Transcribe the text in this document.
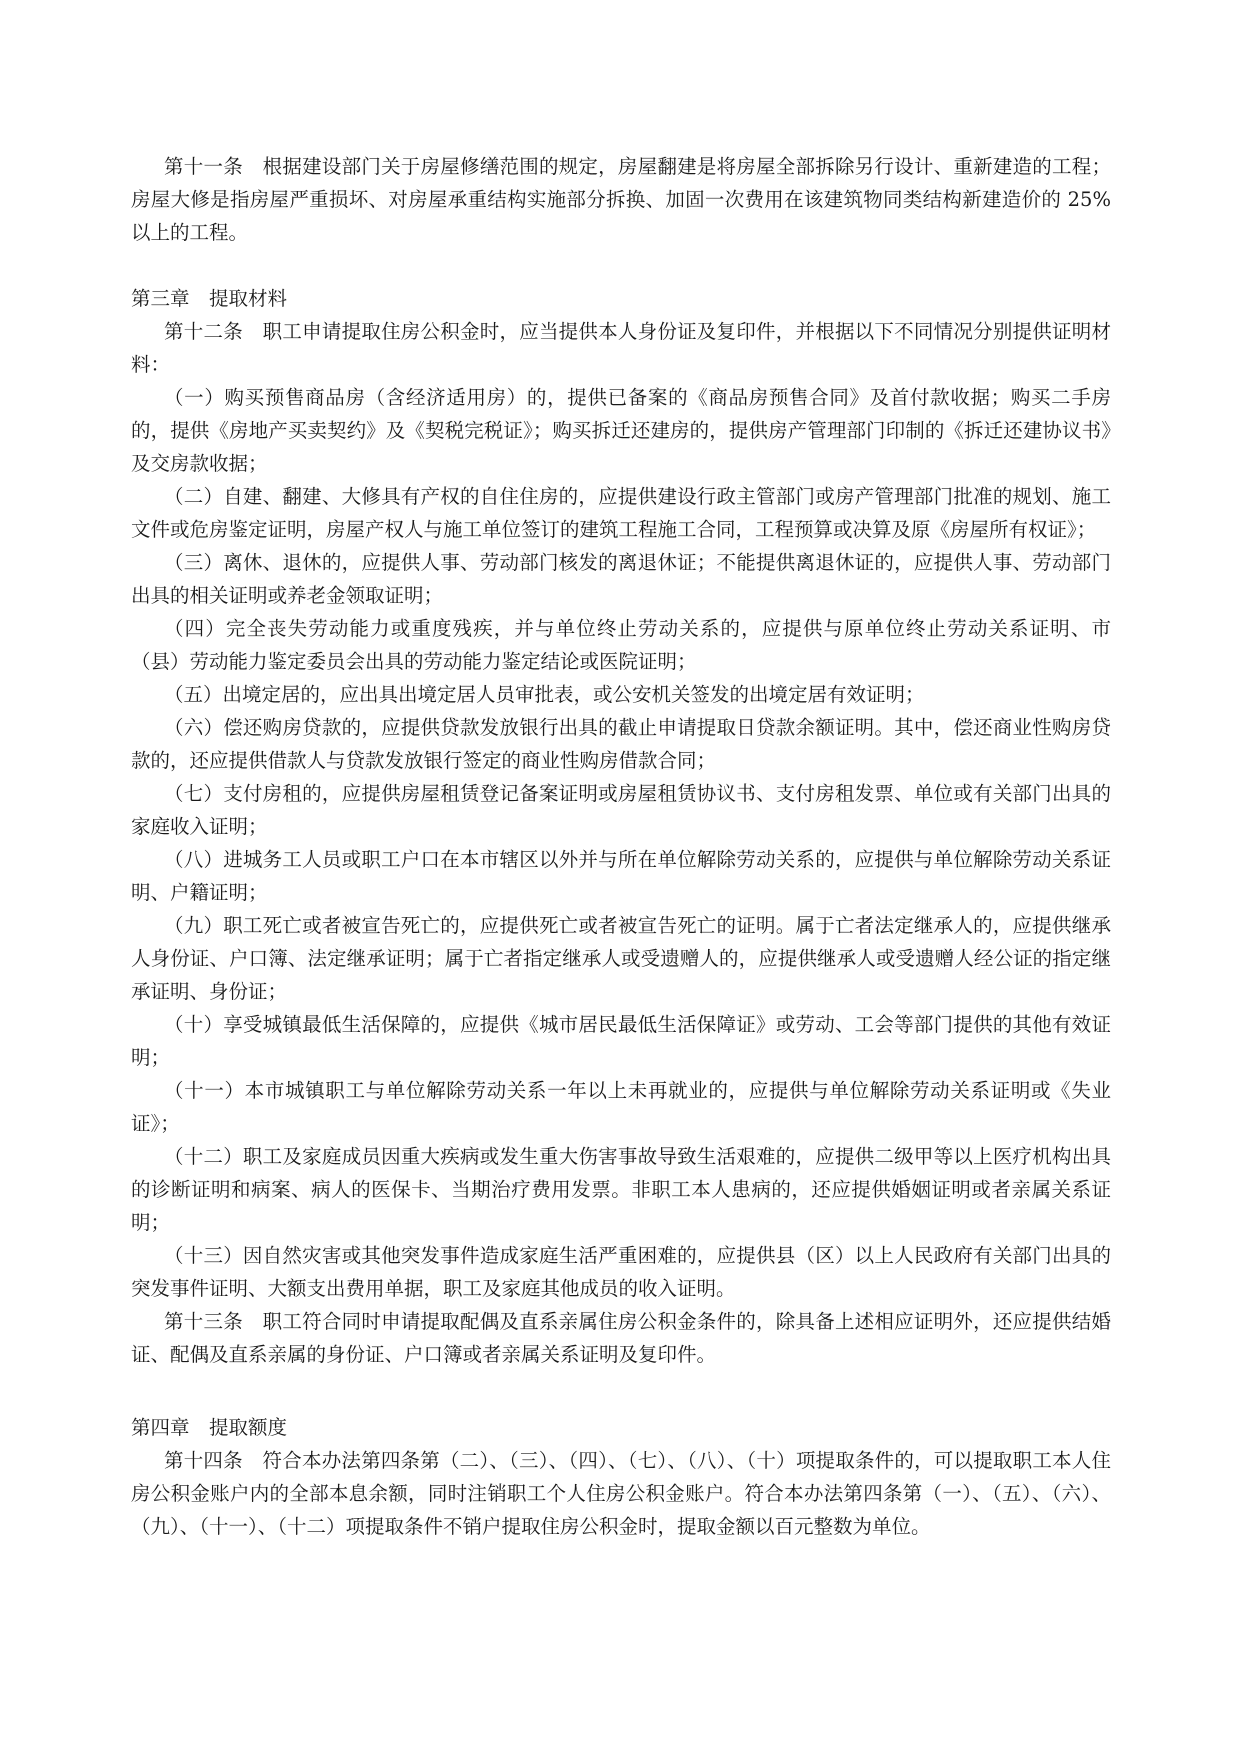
第十一条　根据建设部门关于房屋修缮范围的规定，房屋翻建是将房屋全部拆除另行设计、重新建造的工程；房屋大修是指房屋严重损坏、对房屋承重结构实施部分拆换、加固一次费用在该建筑物同类结构新建造价的 25%以上的工程。

第三章　提取材料

第十二条　职工申请提取住房公积金时，应当提供本人身份证及复印件，并根据以下不同情况分别提供证明材料：

（一）购买预售商品房（含经济适用房）的，提供已备案的《商品房预售合同》及首付款收据；购买二手房的，提供《房地产买卖契约》及《契税完税证》；购买拆迁还建房的，提供房产管理部门印制的《拆迁还建协议书》及交房款收据；

（二）自建、翻建、大修具有产权的自住住房的，应提供建设行政主管部门或房产管理部门批准的规划、施工文件或危房鉴定证明，房屋产权人与施工单位签订的建筑工程施工合同，工程预算或决算及原《房屋所有权证》；

（三）离休、退休的，应提供人事、劳动部门核发的离退休证；不能提供离退休证的，应提供人事、劳动部门出具的相关证明或养老金领取证明；

（四）完全丧失劳动能力或重度残疾，并与单位终止劳动关系的，应提供与原单位终止劳动关系证明、市　　（县）劳动能力鉴定委员会出具的劳动能力鉴定结论或医院证明；

（五）出境定居的，应出具出境定居人员审批表，或公安机关签发的出境定居有效证明；

（六）偿还购房贷款的，应提供贷款发放银行出具的截止申请提取日贷款余额证明。其中，偿还商业性购房贷款的，还应提供借款人与贷款发放银行签定的商业性购房借款合同；

（七）支付房租的，应提供房屋租赁登记备案证明或房屋租赁协议书、支付房租发票、单位或有关部门出具的家庭收入证明；

（八）进城务工人员或职工户口在本市辖区以外并与所在单位解除劳动关系的，应提供与单位解除劳动关系证明、户籍证明；

（九）职工死亡或者被宣告死亡的，应提供死亡或者被宣告死亡的证明。属于亡者法定继承人的，应提供继承人身份证、户口簿、法定继承证明；属于亡者指定继承人或受遗赠人的，应提供继承人或受遗赠人经公证的指定继承证明、身份证；

（十）享受城镇最低生活保障的，应提供《城市居民最低生活保障证》或劳动、工会等部门提供的其他有效证明；

（十一）本市城镇职工与单位解除劳动关系一年以上未再就业的，应提供与单位解除劳动关系证明或《失业证》；

（十二）职工及家庭成员因重大疾病或发生重大伤害事故导致生活艰难的，应提供二级甲等以上医疗机构出具的诊断证明和病案、病人的医保卡、当期治疗费用发票。非职工本人患病的，还应提供婚姻证明或者亲属关系证明；

（十三）因自然灾害或其他突发事件造成家庭生活严重困难的，应提供县（区）以上人民政府有关部门出具的突发事件证明、大额支出费用单据，职工及家庭其他成员的收入证明。

第十三条　职工符合同时申请提取配偶及直系亲属住房公积金条件的，除具备上述相应证明外，还应提供结婚证、配偶及直系亲属的身份证、户口簿或者亲属关系证明及复印件。

第四章　提取额度

第十四条　符合本办法第四条第（二）、（三）、（四）、（七）、（八）、（十）项提取条件的，可以提取职工本人住房公积金账户内的全部本息余额，同时注销职工个人住房公积金账户。符合本办法第四条第（一）、（五）、（六）、（九）、（十一）、（十二）项提取条件不销户提取住房公积金时，提取金额以百元整数为单位。
